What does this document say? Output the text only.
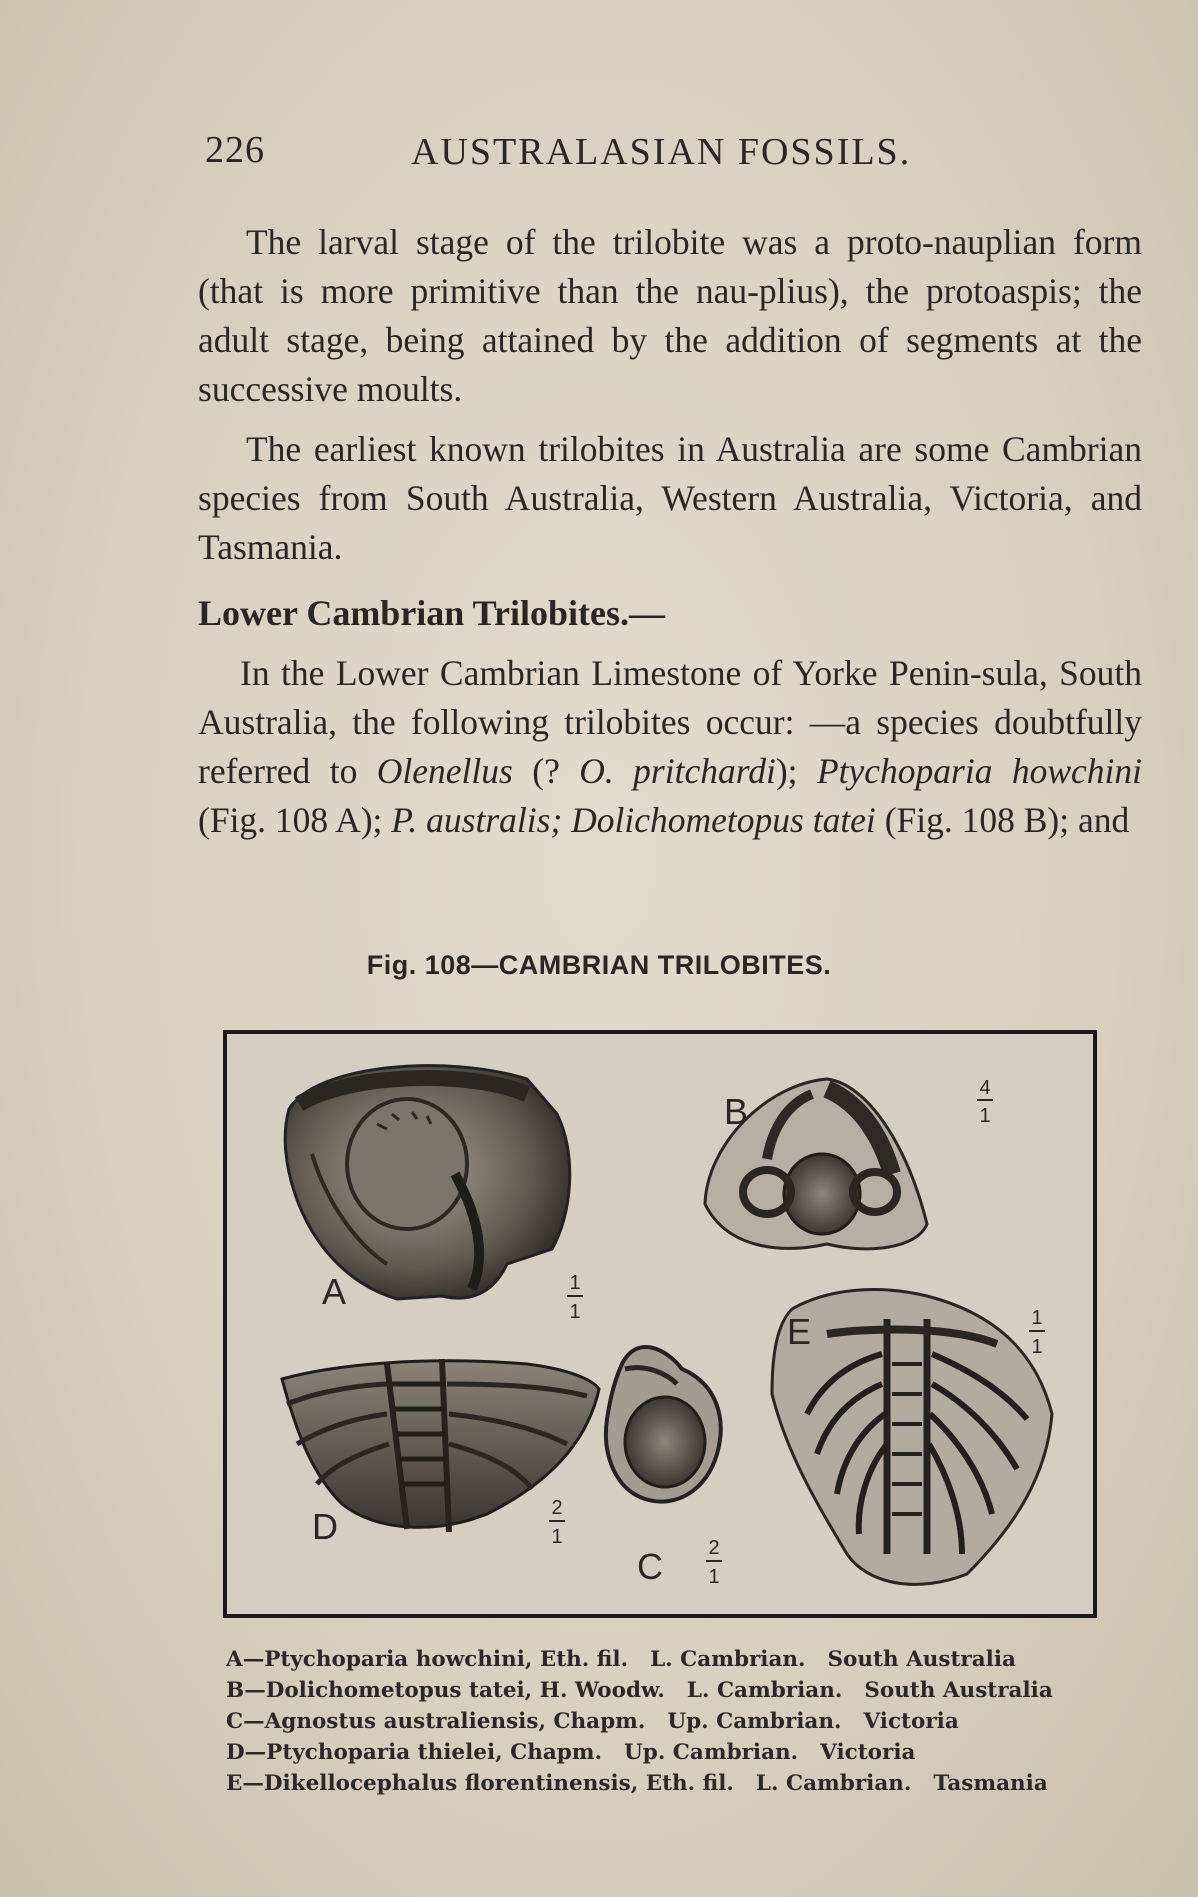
226	AUSTRALASIAN FOSSILS.
The larval stage of the trilobite was a proto-nauplian form (that is more primitive than the nau-plius), the protoaspis; the adult stage, being attained by the addition of segments at the successive moults.
The earliest known trilobites in Australia are some Cambrian species from South Australia, Western Australia, Victoria, and Tasmania.
Lower Cambrian Trilobites.—
In the Lower Cambrian Limestone of Yorke Penin-sula, South Australia, the following trilobites occur: —a species doubtfully referred to Olenellus (? O. pritchardi); Ptychoparia howchini (Fig. 108 A); P. australis; Dolichometopus tatei (Fig. 108 B); and
Fig. 108—CAMBRIAN TRILOBITES.
A	1
1
B
4
1
C 2
1
D	2
1
E	1
1
A—Ptychoparia howchini, Eth. fil. L. Cambrian. South Australia
B—Dolichometopus tatei, H. Woodw. L. Cambrian. South Australia
C—Agnostus australiensis, Chapm. Up. Cambrian. Victoria
D—Ptychoparia thielei, Chapm. Up. Cambrian. Victoria
E—Dikellocephalus florentinensis, Eth. fil. L. Cambrian. Tasmania
